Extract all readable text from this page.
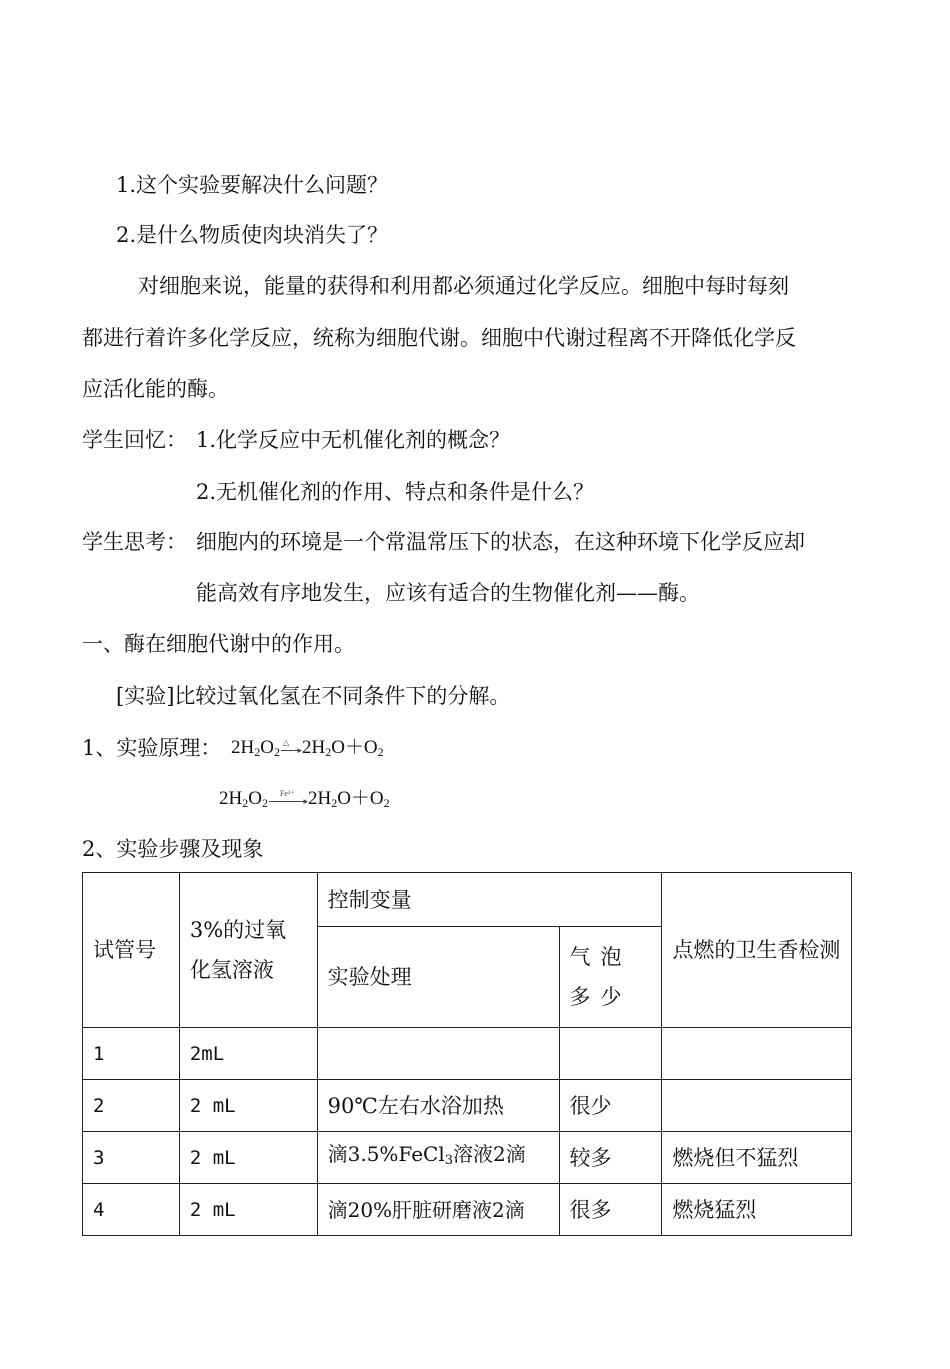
1.这个实验要解决什么问题？
2.是什么物质使肉块消失了？
对细胞来说，能量的获得和利用都必须通过化学反应。细胞中每时每刻
都进行着许多化学反应，统称为细胞代谢。细胞中代谢过程离不开降低化学反
应活化能的酶。
学生回忆： 1.化学反应中无机催化剂的概念？
2.无机催化剂的作用、特点和条件是什么？
学生思考： 细胞内的环境是一个常温常压下的状态，在这种环境下化学反应却
能高效有序地发生，应该有适合的生物催化剂——酶。
一、酶在细胞代谢中的作用。
[实验]比较过氧化氢在不同条件下的分解。
1、实验原理： $2H_2O_2$
△
▸ $2H_2O+O_2$
$2H_2O_2$
Fe³⁺
▸ $2H_2O+O_2$
2、实验步骤及现象
试管号	3%的过氧化氢溶液	控制变量		点燃的卫生香检测
		实验处理	气泡多少	
1	2mL			
2	2 mL	90℃左右水浴加热	很少	
3	2 mL	滴3.5%FeCl$_3$溶液2滴	较多	燃烧但不猛烈
4	2 mL	滴20%肝脏研磨液2滴	很多	燃烧猛烈
